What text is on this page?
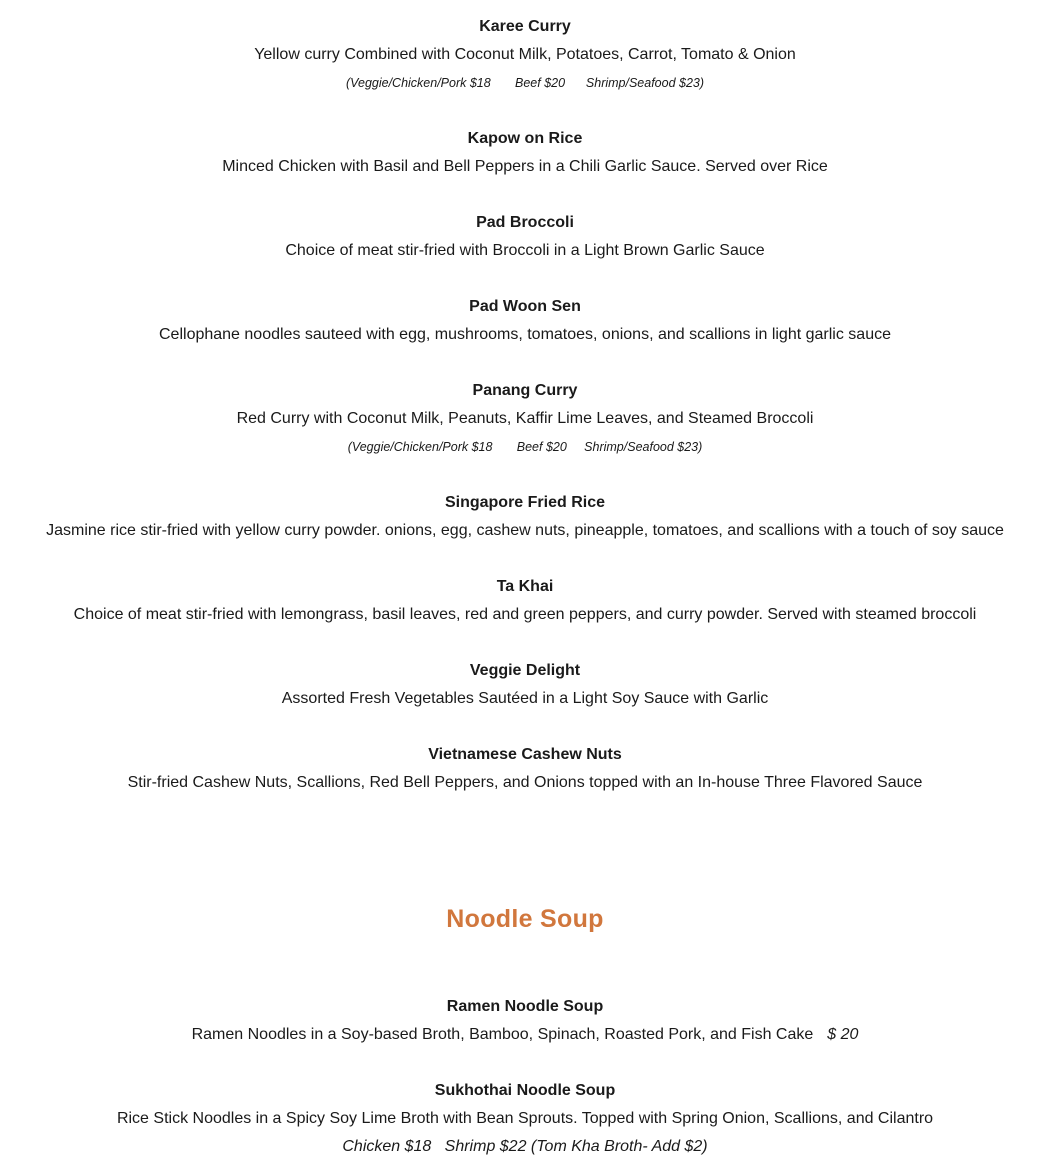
Karee Curry
Yellow curry Combined with Coconut Milk, Potatoes, Carrot, Tomato & Onion
(Veggie/Chicken/Pork $18       Beef $20      Shrimp/Seafood $23)
Kapow on Rice
Minced Chicken with Basil and Bell Peppers in a Chili Garlic Sauce. Served over Rice
Pad Broccoli
Choice of meat stir-fried with Broccoli in a Light Brown Garlic Sauce
Pad Woon Sen
Cellophane noodles sauteed with egg, mushrooms, tomatoes, onions, and scallions in light garlic sauce
Panang Curry
Red Curry with Coconut Milk, Peanuts, Kaffir Lime Leaves, and Steamed Broccoli
(Veggie/Chicken/Pork $18       Beef $20     Shrimp/Seafood $23)
Singapore Fried Rice
Jasmine rice stir-fried with yellow curry powder. onions, egg, cashew nuts, pineapple, tomatoes, and scallions with a touch of soy sauce
Ta Khai
Choice of meat stir-fried with lemongrass, basil leaves, red and green peppers, and curry powder. Served with steamed broccoli
Veggie Delight
Assorted Fresh Vegetables Sautéed in a Light Soy Sauce with Garlic
Vietnamese Cashew Nuts
Stir-fried Cashew Nuts, Scallions, Red Bell Peppers, and Onions topped with an In-house Three Flavored Sauce
Noodle Soup
Ramen Noodle Soup
Ramen Noodles in a Soy-based Broth, Bamboo, Spinach, Roasted Pork, and Fish Cake $ 20
Sukhothai Noodle Soup
Rice Stick Noodles in a Spicy Soy Lime Broth with Bean Sprouts. Topped with Spring Onion, Scallions, and Cilantro
Chicken $18   Shrimp $22 (Tom Kha Broth- Add $2)
